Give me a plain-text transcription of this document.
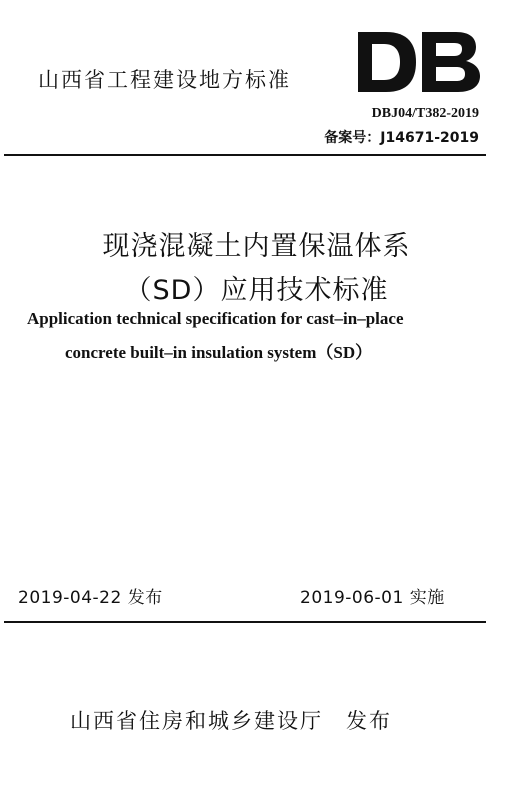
山西省工程建设地方标准
DBJ04/T382-2019
备案号：J14671-2019
现浇混凝土内置保温体系
（SD）应用技术标准
Application technical specification for cast–in–place
concrete built–in insulation system（SD）
2019-04-22 发布	2019-06-01 实施
山西省住房和城乡建设厅　发布
